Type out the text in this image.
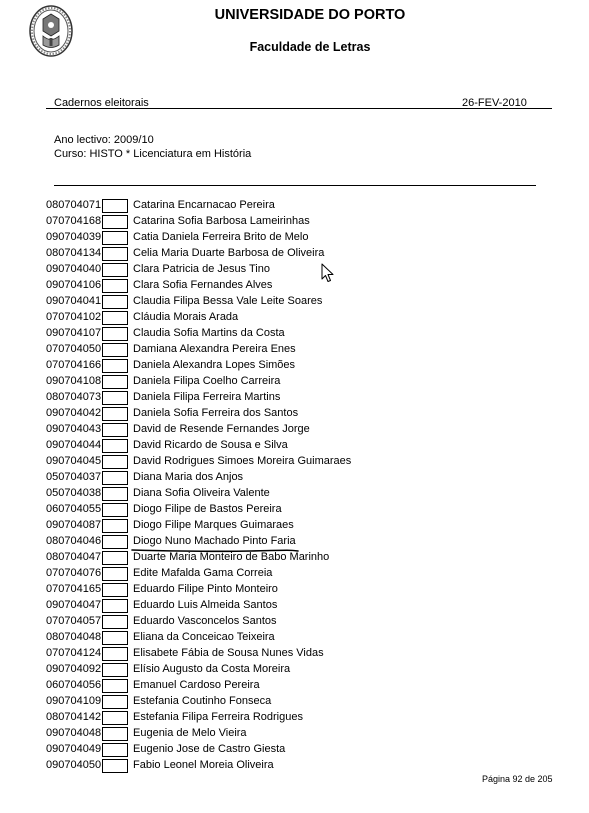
UNIVERSIDADE DO PORTO
Faculdade de Letras
Cadernos eleitorais	26-FEV-2010
Ano lectivo: 2009/10
Curso: HISTO * Licenciatura em História
080704071	Catarina Encarnacao Pereira
070704168	Catarina Sofia Barbosa Lameirinhas
090704039	Catia Daniela Ferreira Brito de Melo
080704134	Celia Maria Duarte Barbosa de Oliveira
090704040	Clara Patricia de Jesus Tino
090704106	Clara Sofia Fernandes Alves
090704041	Claudia Filipa Bessa Vale Leite Soares
070704102	Cláudia Morais Arada
090704107	Claudia Sofia Martins da Costa
070704050	Damiana Alexandra Pereira Enes
070704166	Daniela Alexandra Lopes Simões
090704108	Daniela Filipa Coelho Carreira
080704073	Daniela Filipa Ferreira Martins
090704042	Daniela Sofia Ferreira dos Santos
090704043	David de Resende Fernandes Jorge
090704044	David Ricardo de Sousa e Silva
090704045	David Rodrigues Simoes Moreira Guimaraes
050704037	Diana Maria dos Anjos
050704038	Diana Sofia Oliveira Valente
060704055	Diogo Filipe de Bastos Pereira
090704087	Diogo Filipe Marques Guimaraes
080704046	Diogo Nuno Machado Pinto Faria
080704047	Duarte Maria Monteiro de Babo Marinho
070704076	Edite Mafalda Gama Correia
070704165	Eduardo Filipe Pinto Monteiro
090704047	Eduardo Luis Almeida Santos
070704057	Eduardo Vasconcelos Santos
080704048	Eliana da Conceicao Teixeira
070704124	Elisabete Fábia de Sousa Nunes Vidas
090704092	Elísio Augusto da Costa Moreira
060704056	Emanuel Cardoso Pereira
090704109	Estefania Coutinho Fonseca
080704142	Estefania Filipa Ferreira Rodrigues
090704048	Eugenia de Melo Vieira
090704049	Eugenio Jose de Castro Giesta
090704050	Fabio Leonel Moreia Oliveira
Página 92 de 205
